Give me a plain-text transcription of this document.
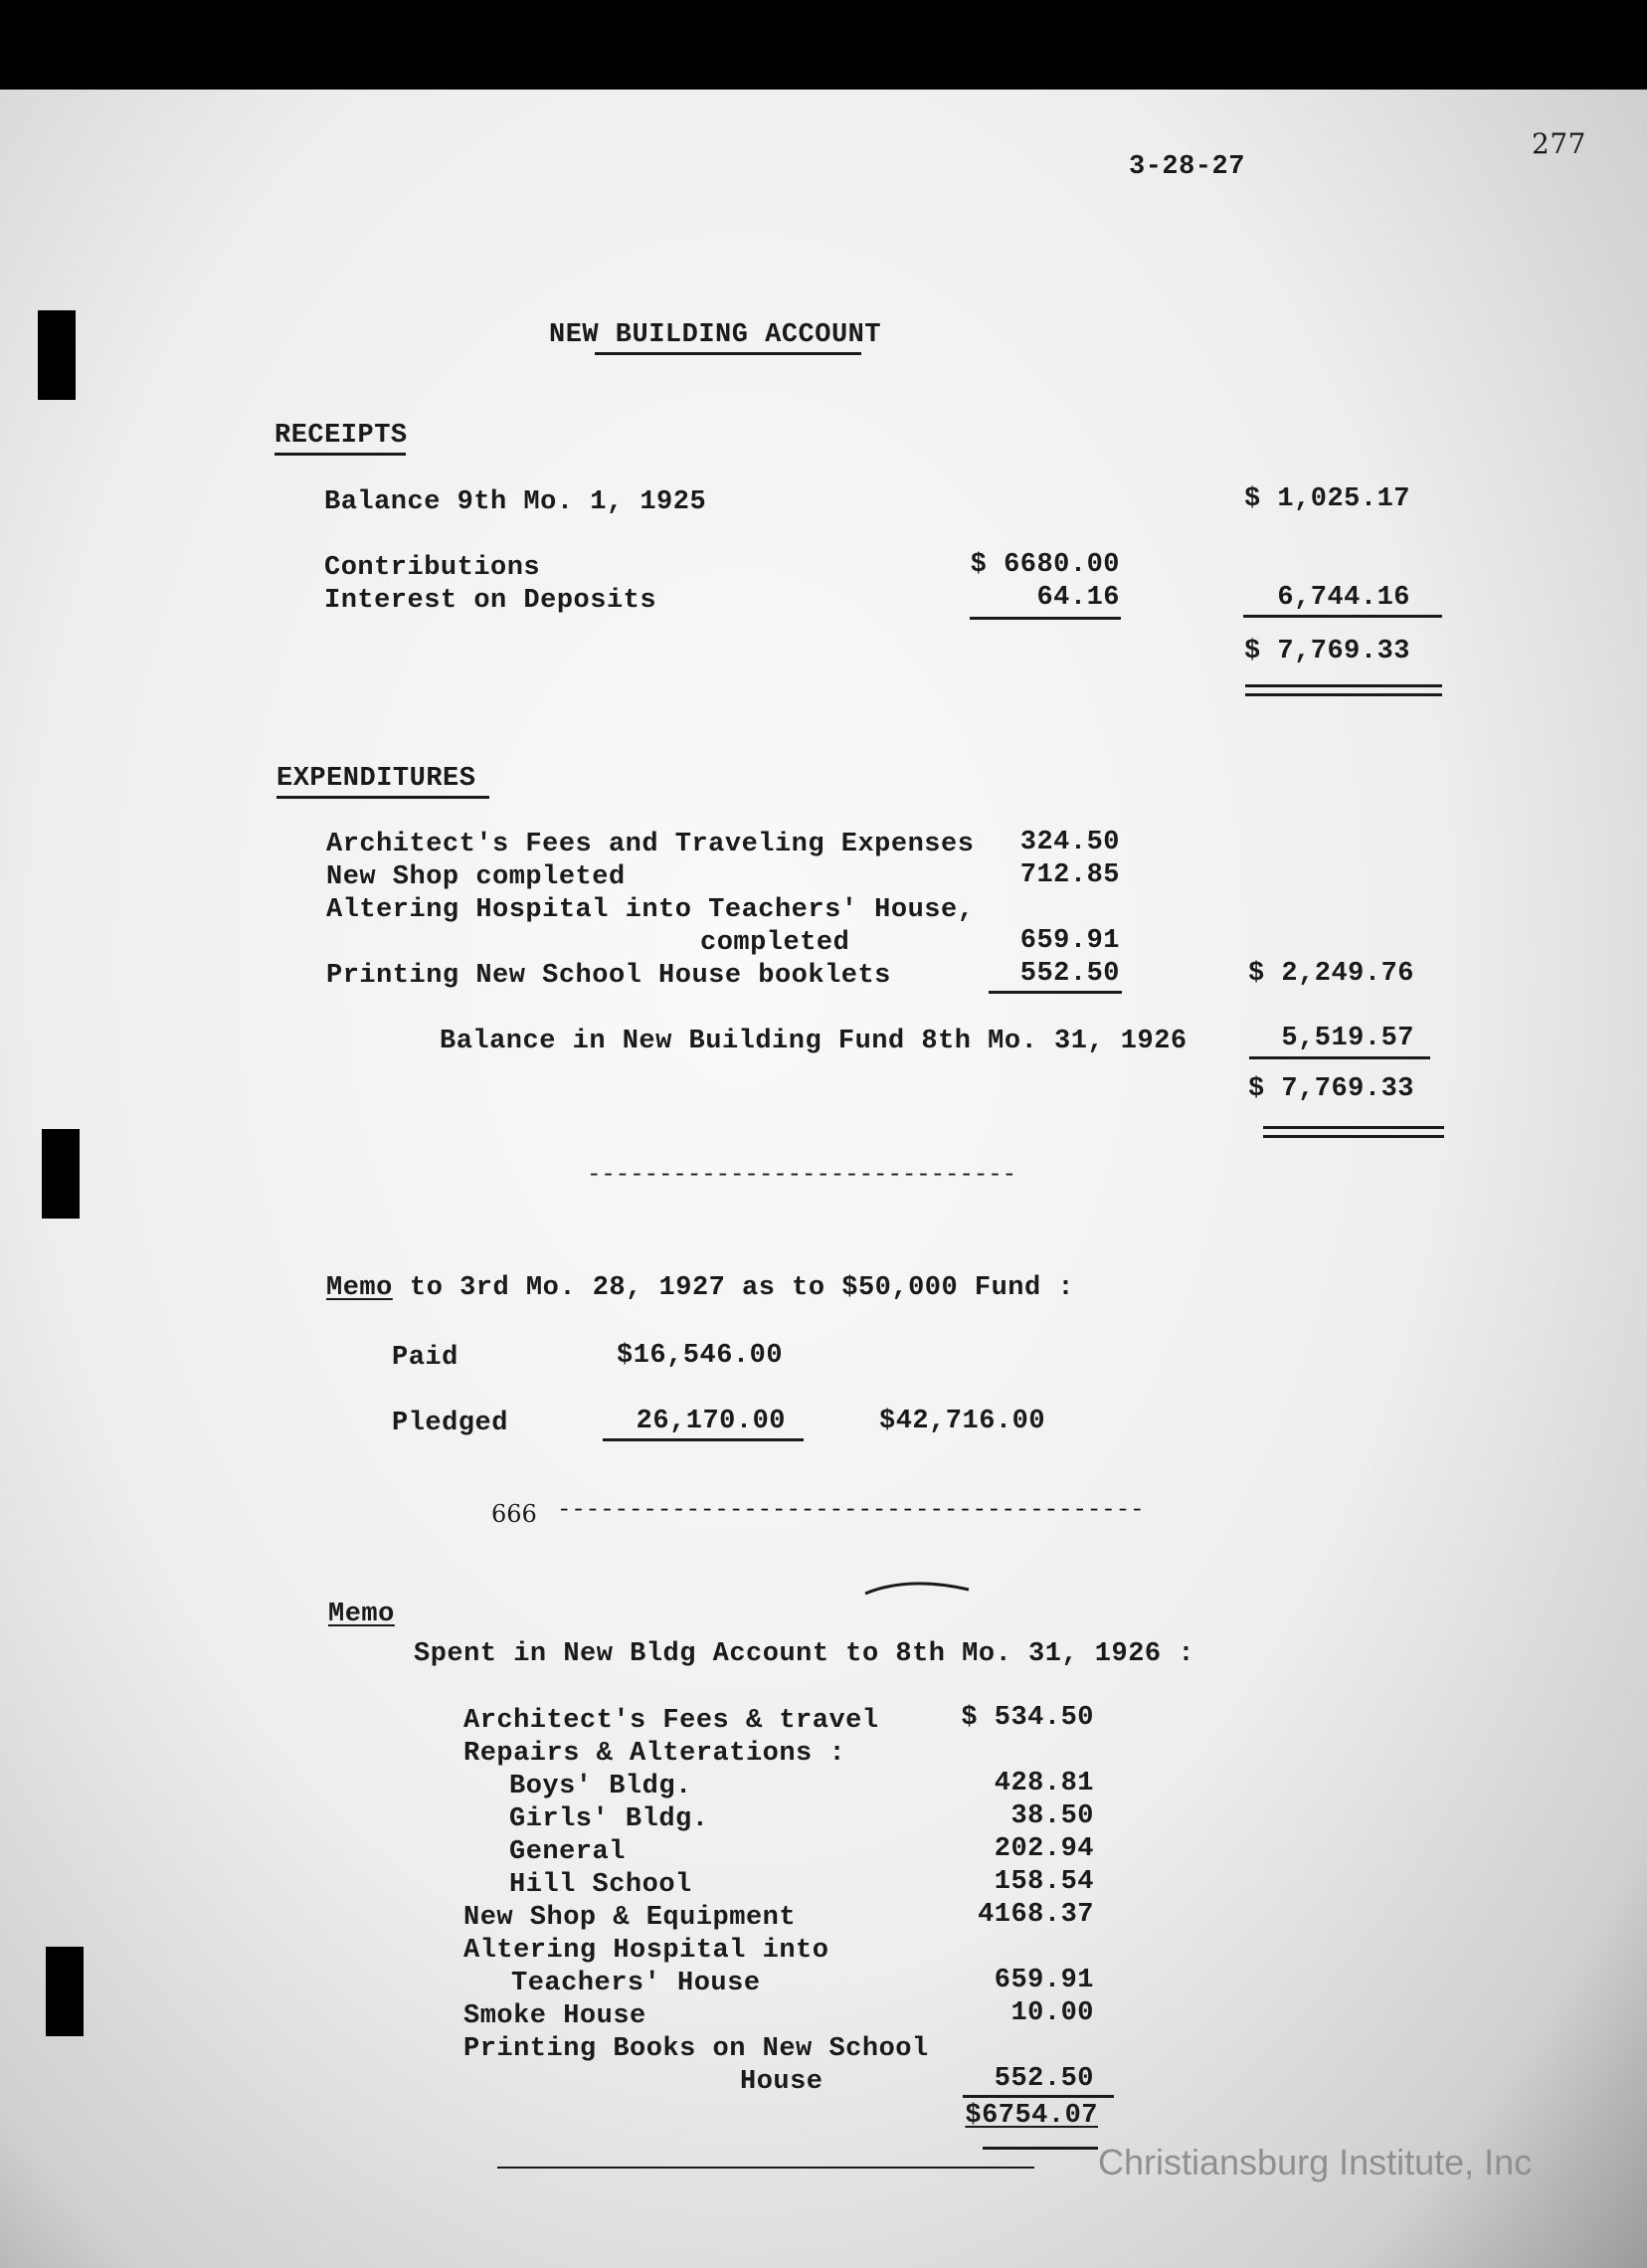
277
3-28-27
NEW BUILDING ACCOUNT
RECEIPTS
Balance 9th Mo. 1, 1925	$ 1,025.17
Contributions	$ 6680.00
Interest on Deposits	64.16	6,744.16
$ 7,769.33
EXPENDITURES
Architect's Fees and Traveling Expenses	324.50
New Shop completed	712.85
Altering Hospital into Teachers' House,
completed	659.91
Printing New School House booklets	552.50	$ 2,249.76
Balance in New Building Fund 8th Mo. 31, 1926	5,519.57
$ 7,769.33
------------------------------
Memo to 3rd Mo. 28, 1927 as to $50,000 Fund :
Paid	$16,546.00
Pledged	26,170.00	$42,716.00
666 -----------------------------------------
Memo
Spent in New Bldg Account to 8th Mo. 31, 1926 :
Architect's Fees & travel	$ 534.50
Repairs & Alterations :
Boys' Bldg.	428.81
Girls' Bldg.	38.50
General	202.94
Hill School	158.54
New Shop & Equipment	4168.37
Altering Hospital into
Teachers' House	659.91
Smoke House	10.00
Printing Books on New School
House	552.50
$6754.07
Christiansburg Institute, Inc
